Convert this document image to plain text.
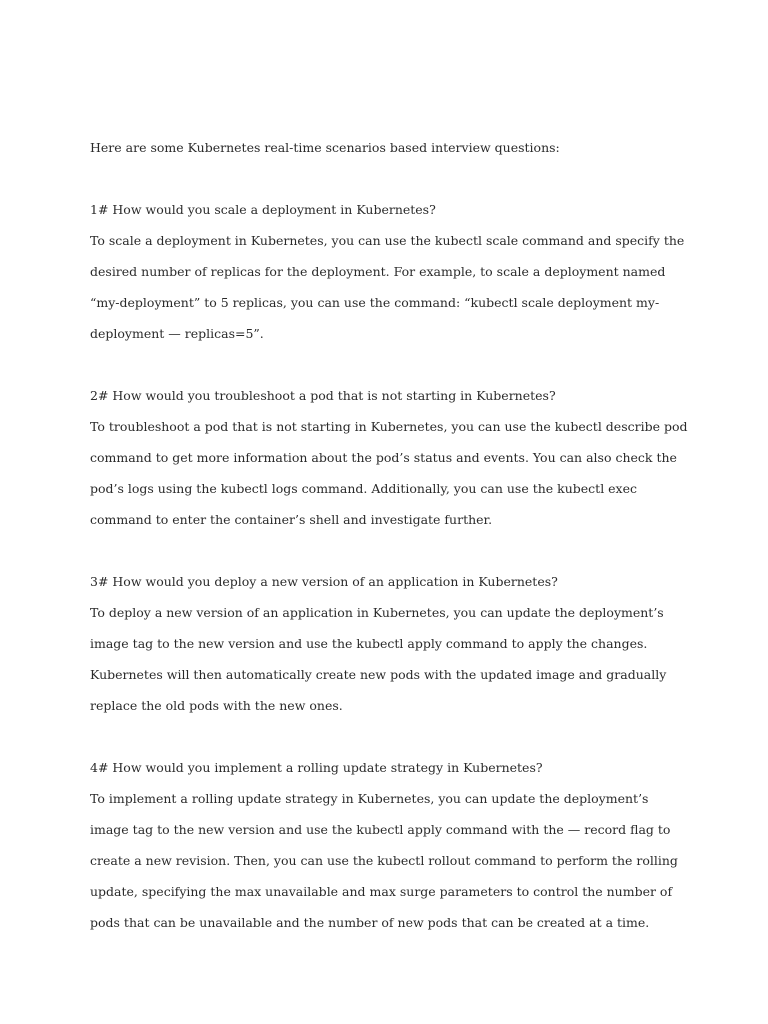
Here are some Kubernetes real-time scenarios based interview questions:

1# How would you scale a deployment in Kubernetes?

To scale a deployment in Kubernetes, you can use the kubectl scale command and specify the desired number of replicas for the deployment. For example, to scale a deployment named “my-deployment” to 5 replicas, you can use the command: “kubectl scale deployment my-deployment — replicas=5”.

2# How would you troubleshoot a pod that is not starting in Kubernetes?

To troubleshoot a pod that is not starting in Kubernetes, you can use the kubectl describe pod command to get more information about the pod’s status and events. You can also check the pod’s logs using the kubectl logs command. Additionally, you can use the kubectl exec command to enter the container’s shell and investigate further.

3# How would you deploy a new version of an application in Kubernetes?

To deploy a new version of an application in Kubernetes, you can update the deployment’s image tag to the new version and use the kubectl apply command to apply the changes. Kubernetes will then automatically create new pods with the updated image and gradually replace the old pods with the new ones.

4# How would you implement a rolling update strategy in Kubernetes?

To implement a rolling update strategy in Kubernetes, you can update the deployment’s image tag to the new version and use the kubectl apply command with the — record flag to create a new revision. Then, you can use the kubectl rollout command to perform the rolling update, specifying the max unavailable and max surge parameters to control the number of pods that can be unavailable and the number of new pods that can be created at a time.
